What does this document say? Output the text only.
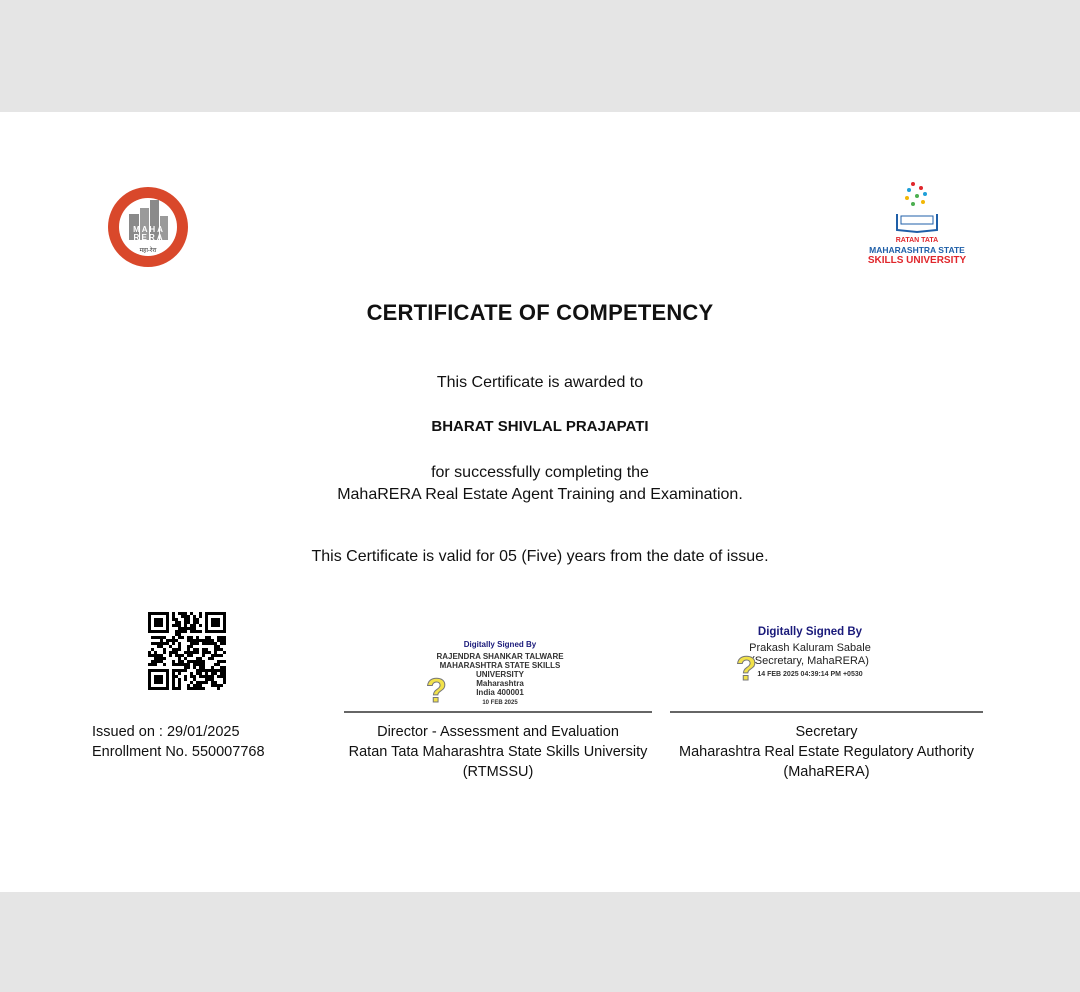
M A H A
R E R A
महा-रेरा
RATAN TATA
MAHARASHTRA STATE
SKILLS UNIVERSITY
CERTIFICATE OF COMPETENCY
This Certificate is awarded to
BHARAT SHIVLAL PRAJAPATI
for successfully completing the
MahaRERA Real Estate Agent Training and Examination.
This Certificate is valid for 05 (Five) years from the date of issue.
Issued on : 29/01/2025
Enrollment No. 550007768
Digitally Signed By
RAJENDRA SHANKAR TALWARE
MAHARASHTRA STATE SKILLS
UNIVERSITY
Maharashtra
India 400001
10 FEB 2025
?
Director - Assessment and Evaluation
Ratan Tata Maharashtra State Skills University
(RTMSSU)
Digitally Signed By
Prakash Kaluram Sabale
(Secretary, MahaRERA)
14 FEB 2025 04:39:14 PM +0530
?
Secretary
Maharashtra Real Estate Regulatory Authority
(MahaRERA)
